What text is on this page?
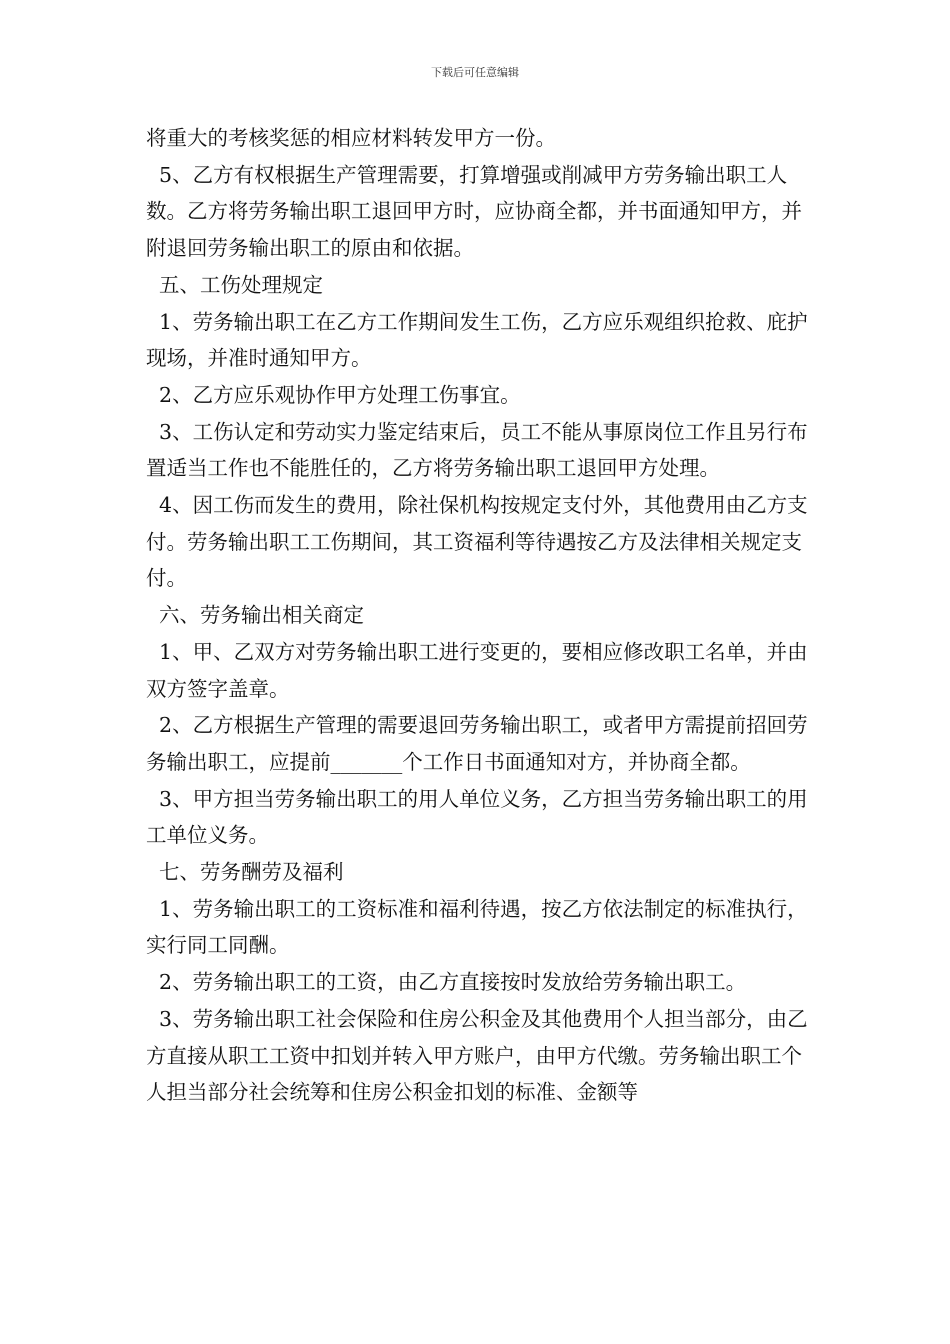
下载后可任意编辑

将重大的考核奖惩的相应材料转发甲方一份。

5、乙方有权根据生产管理需要，打算增强或削减甲方劳务输出职工人数。乙方将劳务输出职工退回甲方时，应协商全都，并书面通知甲方，并附退回劳务输出职工的原由和依据。

五、工伤处理规定

1、劳务输出职工在乙方工作期间发生工伤，乙方应乐观组织抢救、庇护现场，并准时通知甲方。

2、乙方应乐观协作甲方处理工伤事宜。

3、工伤认定和劳动实力鉴定结束后，员工不能从事原岗位工作且另行布置适当工作也不能胜任的，乙方将劳务输出职工退回甲方处理。

4、因工伤而发生的费用，除社保机构按规定支付外，其他费用由乙方支付。劳务输出职工工伤期间，其工资福利等待遇按乙方及法律相关规定支付。

六、劳务输出相关商定

1、甲、乙双方对劳务输出职工进行变更的，要相应修改职工名单，并由双方签字盖章。

2、乙方根据生产管理的需要退回劳务输出职工，或者甲方需提前招回劳务输出职工，应提前_______个工作日书面通知对方，并协商全都。

3、甲方担当劳务输出职工的用人单位义务，乙方担当劳务输出职工的用工单位义务。

七、劳务酬劳及福利

1、劳务输出职工的工资标准和福利待遇，按乙方依法制定的标准执行，实行同工同酬。

2、劳务输出职工的工资，由乙方直接按时发放给劳务输出职工。

3、劳务输出职工社会保险和住房公积金及其他费用个人担当部分，由乙方直接从职工工资中扣划并转入甲方账户，由甲方代缴。劳务输出职工个人担当部分社会统筹和住房公积金扣划的标准、金额等
